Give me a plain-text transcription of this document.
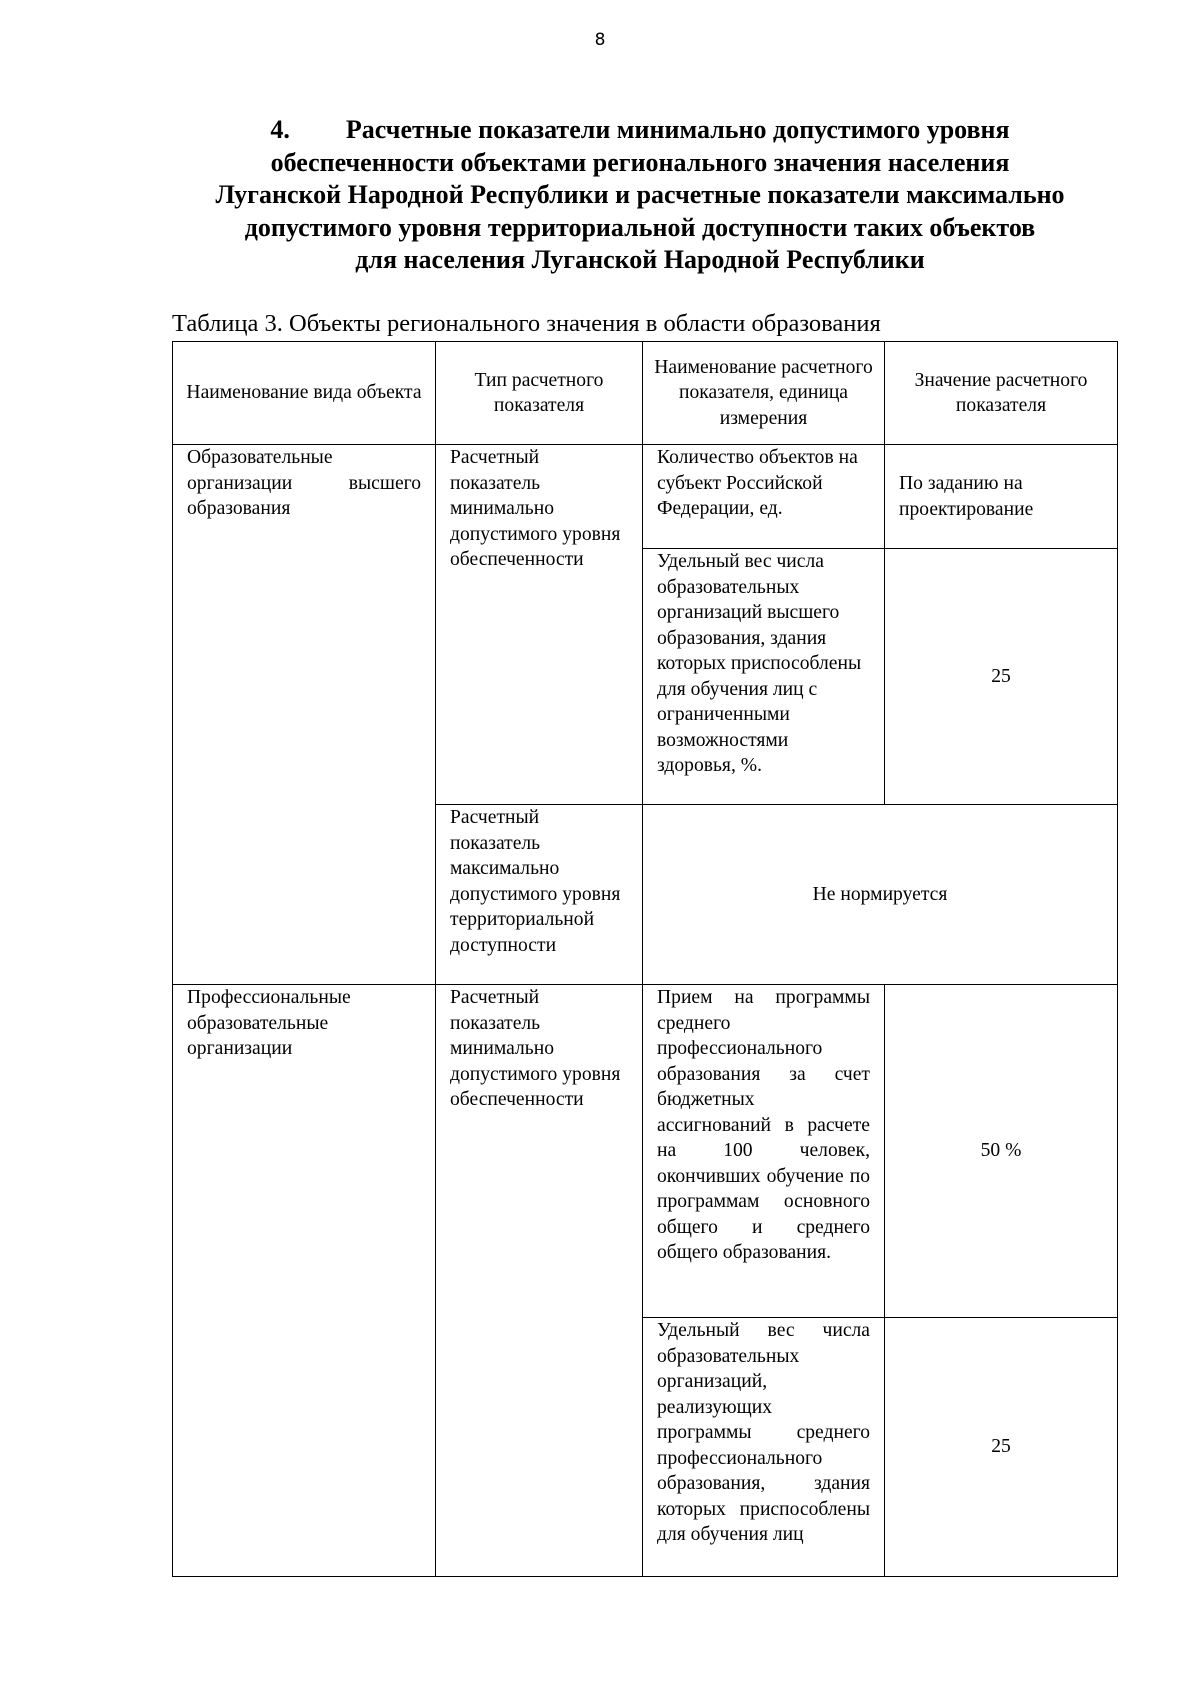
8
4. Расчетные показатели минимально допустимого уровня
обеспеченности объектами регионального значения населения
Луганской Народной Республики и расчетные показатели максимально
допустимого уровня территориальной доступности таких объектов
для населения Луганской Народной Республики
Таблица 3. Объекты регионального значения в области образования
Наименование вида объекта	Тип расчетного показателя	Наименование расчетного показателя, единица измерения	Значение расчетного показателя
Образовательные организации высшего образования	Расчетный показатель минимально допустимого уровня обеспеченности	Количество объектов на субъект Российской Федерации, ед.	По заданию на проектирование
		Удельный вес числа образовательных организаций высшего образования, здания которых приспособлены для обучения лиц с ограниченными возможностями здоровья, %.	25
	Расчетный показатель максимально допустимого уровня территориальной доступности	Не нормируется	
Профессиональные образовательные организации	Расчетный показатель минимально допустимого уровня обеспеченности	Прием на программы среднего профессионального образования за счет бюджетных ассигнований в расчете на 100 человек, окончивших обучение по программам основного общего и среднего общего образования.	50 %
		Удельный вес числа образовательных организаций, реализующих программы среднего профессионального образования, здания которых приспособлены для обучения лиц	25
